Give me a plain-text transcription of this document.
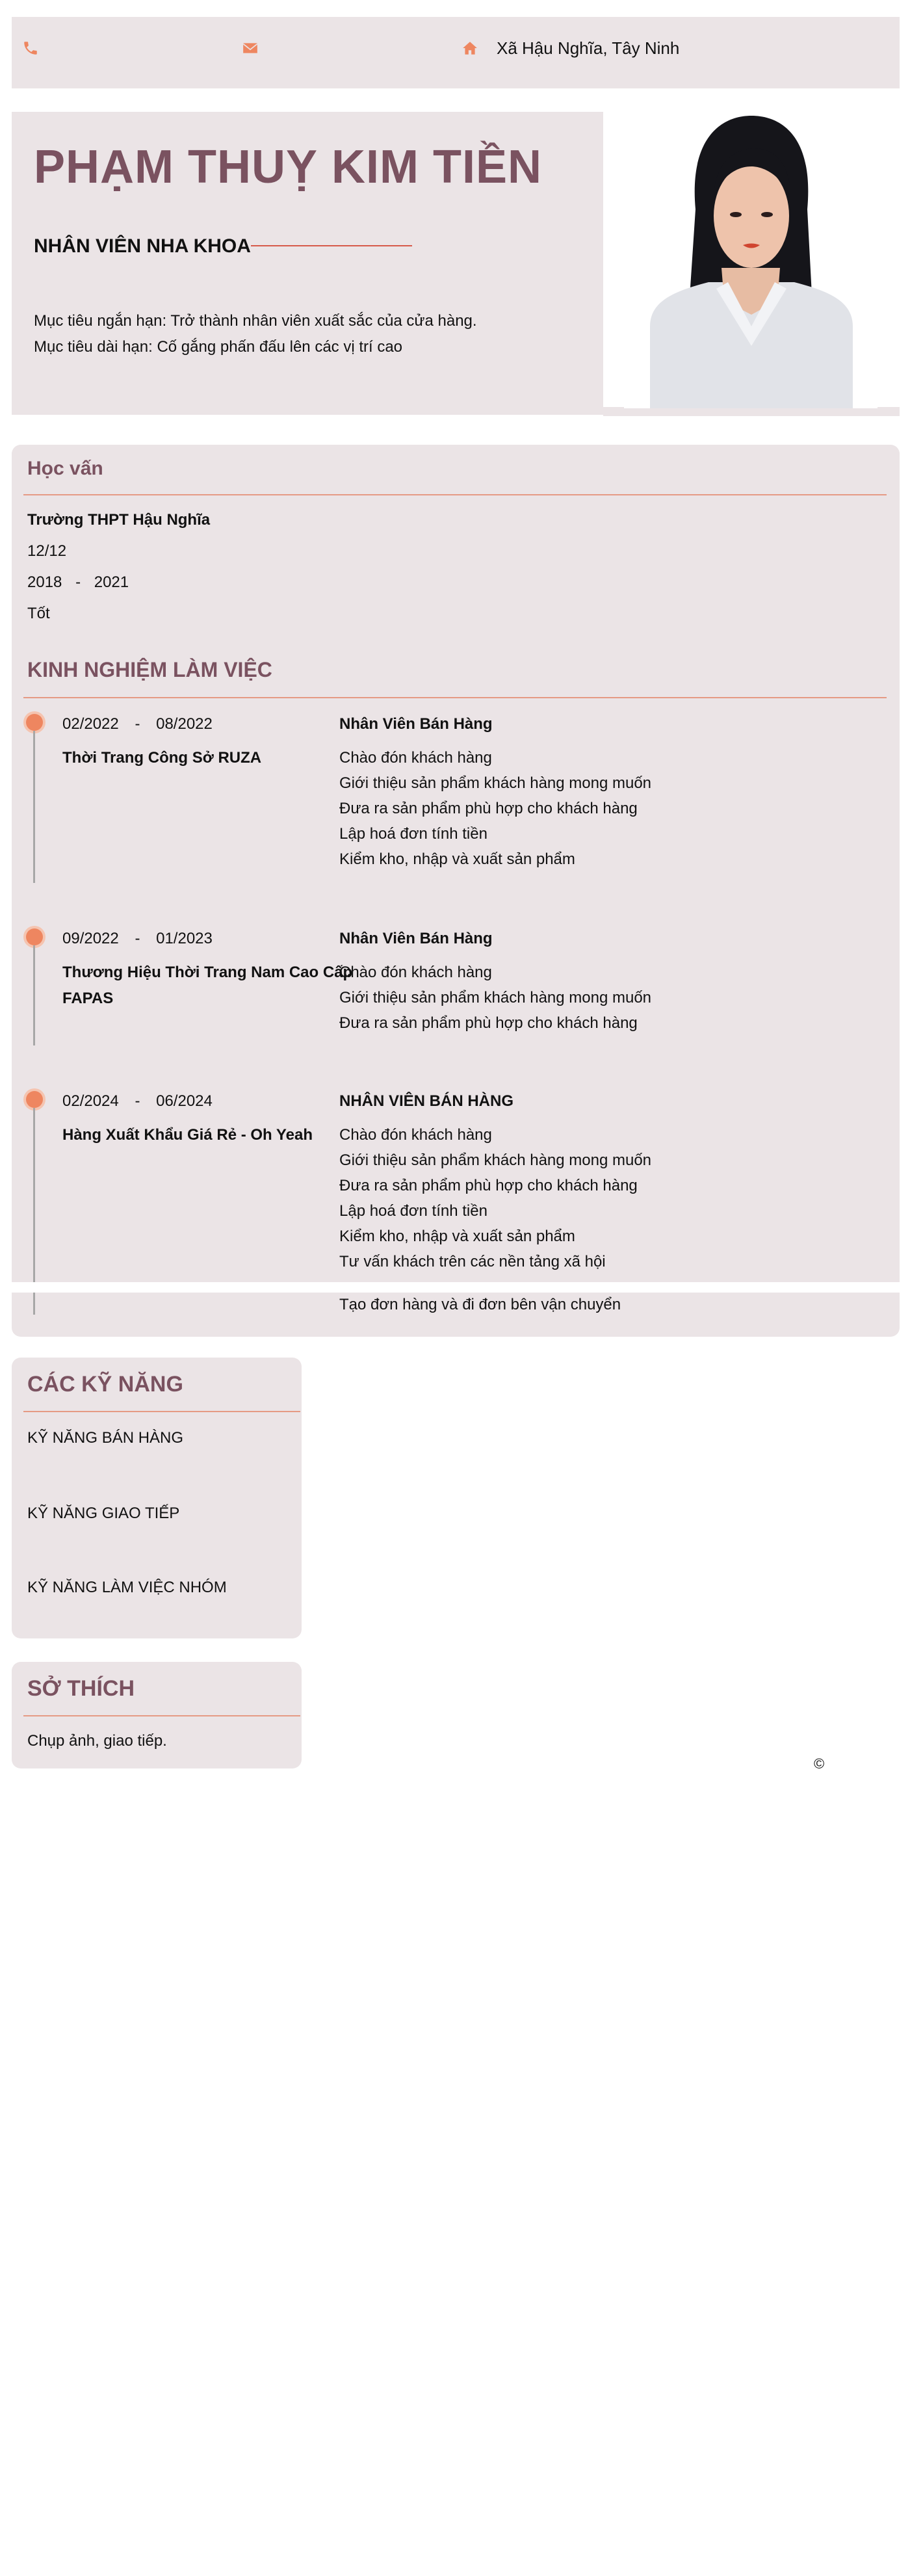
Xã Hậu Nghĩa, Tây Ninh
PHẠM THUỴ KIM TIỀN
NHÂN VIÊN NHA KHOA
Mục tiêu ngắn hạn: Trở thành nhân viên xuất sắc của cửa hàng.
Mục tiêu dài hạn: Cố gắng phấn đấu lên các vị trí cao
Học vấn
Trường THPT Hậu Nghĩa
12/12
2018 - 2021
Tốt
KINH NGHIỆM LÀM VIỆC
02/2022 - 08/2022
Thời Trang Công Sở RUZA
Nhân Viên Bán Hàng
Chào đón khách hàng
Giới thiệu sản phẩm khách hàng mong muốn
Đưa ra sản phẩm phù hợp cho khách hàng
Lập hoá đơn tính tiền
Kiểm kho, nhập và xuất sản phẩm
09/2022 - 01/2023
Thương Hiệu Thời Trang Nam Cao Cấp
FAPAS
Nhân Viên Bán Hàng
Chào đón khách hàng
Giới thiệu sản phẩm khách hàng mong muốn
Đưa ra sản phẩm phù hợp cho khách hàng
02/2024 - 06/2024
Hàng Xuất Khẩu Giá Rẻ - Oh Yeah
NHÂN VIÊN BÁN HÀNG
Chào đón khách hàng
Giới thiệu sản phẩm khách hàng mong muốn
Đưa ra sản phẩm phù hợp cho khách hàng
Lập hoá đơn tính tiền
Kiểm kho, nhập và xuất sản phẩm
Tư vấn khách trên các nền tảng xã hội
Tạo đơn hàng và đi đơn bên vận chuyển
CÁC KỸ NĂNG
KỸ NĂNG BÁN HÀNG
KỸ NĂNG GIAO TIẾP
KỸ NĂNG LÀM VIỆC NHÓM
SỞ THÍCH
Chụp ảnh, giao tiếp.
©
